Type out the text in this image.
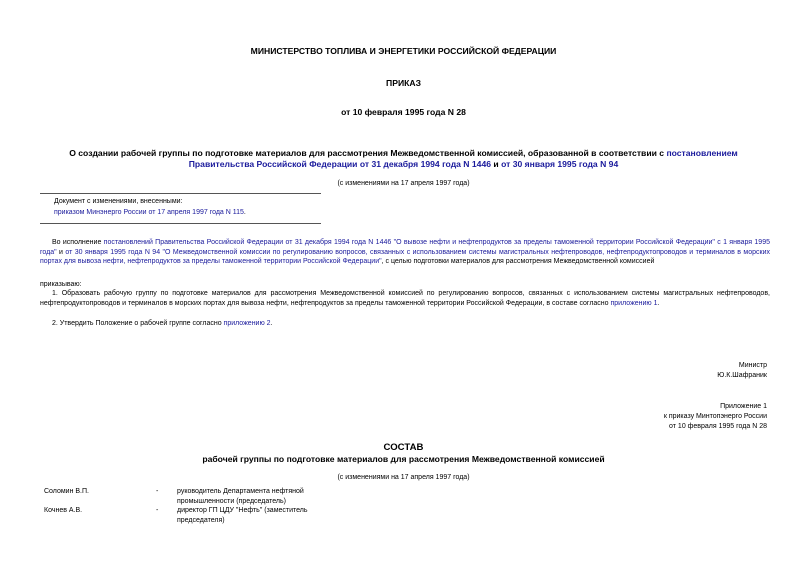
МИНИСТЕРСТВО ТОПЛИВА И ЭНЕРГЕТИКИ РОССИЙСКОЙ ФЕДЕРАЦИИ
ПРИКАЗ
от 10 февраля 1995 года N 28
О создании рабочей группы по подготовке материалов для рассмотрения Межведомственной комиссией, образованной в соответствии с постановлением
Правительства Российской Федерации от 31 декабря 1994 года N 1446 и от 30 января 1995 года N 94
(с изменениями на 17 апреля 1997 года)
Документ с изменениями, внесенными:
приказом Минэнерго России от 17 апреля 1997 года N 115.
Во исполнение постановлений Правительства Российской Федерации от 31 декабря 1994 года N 1446 "О вывозе нефти и нефтепродуктов за пределы таможенной территории Российской Федерации" с 1 января 1995 года" и от 30 января 1995 года N 94 "О Межведомственной комиссии по регулированию вопросов, связанных с использованием системы магистральных нефтепроводов, нефтепродуктопроводов и терминалов в морских портах для вывоза нефти, нефтепродуктов за пределы таможенной территории Российской Федерации", с целью подготовки материалов для рассмотрения Межведомственной комиссией
приказываю:
1. Образовать рабочую группу по подготовке материалов для рассмотрения Межведомственной комиссией по регулированию вопросов, связанных с использованием системы магистральных нефтепроводов, нефтепродуктопроводов и терминалов в морских портах для вывоза нефти, нефтепродуктов за пределы таможенной территории Российской Федерации, в составе согласно приложению 1.
2. Утвердить Положение о рабочей группе согласно приложению 2.
Министр
Ю.К.Шафраник
Приложение 1
к приказу Минтопэнерго России
от 10 февраля 1995 года N 28
СОСТАВ
рабочей группы по подготовке материалов для рассмотрения Межведомственной комиссией
(с изменениями на 17 апреля 1997 года)
Соломин В.П.	-	руководитель Департамента нефтяной
промышленности (председатель)
Кочнев А.В.	-	директор ГП ЦДУ "Нефть" (заместитель
председателя)
